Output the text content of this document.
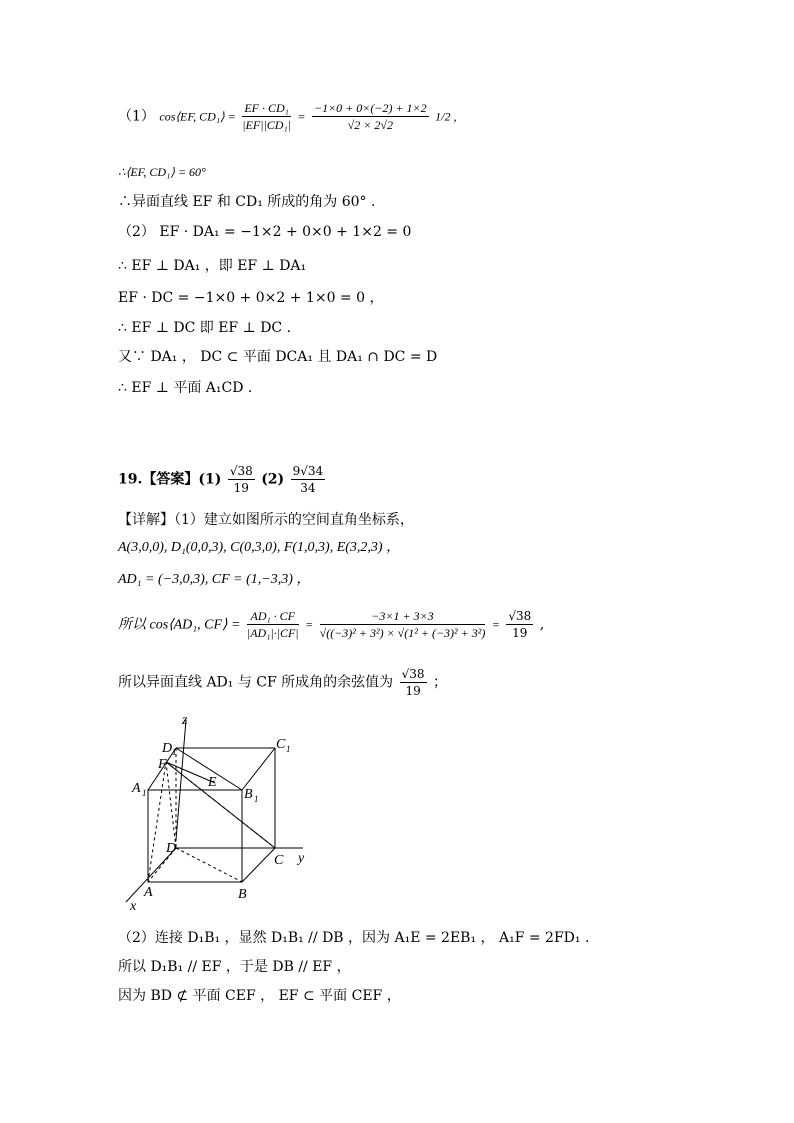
（1） cos⟨EF, CD₁⟩ = $\frac{\text{EF · CD₁}}{\text{|EF||CD₁|}} = \frac{-1\times 0 + 0\times(-2) + 1\times 2}{√2 \times 2√2} 1/2$ ,
∴⟨EF, CD₁⟩ = 60°
∴异面直线 EF 和 CD₁ 所成的角为 60° .
（2） EF · DA₁ = −1×2 + 0×0 + 1×2 = 0
∴ EF ⊥ DA₁ ，即 EF ⊥ DA₁
EF · DC = −1×0 + 0×2 + 1×0 = 0 ，
∴ EF ⊥ DC 即 EF ⊥ DC .
又∵ DA₁ ， DC ⊂ 平面 DCA₁ 且 DA₁ ∩ DC = D
∴ EF ⊥ 平面 A₁CD .
19.【答案】$(1) \frac{√38}{19} (2) \frac{9√34}{34}$
【详解】（1）建立如图所示的空间直角坐标系，
A(3,0,0), D₁(0,0,3), C(0,3,0), F(1,0,3), E(3,2,3) ，
AD₁ = (−3,0,3), CF = (1,−3,3) ，
所以 cos⟨AD₁, CF⟩ = $\frac{\text{AD₁ · CF}}{\text{|AD₁|·|CF|}} = \frac{-3\times 1 + 3\times 3}{\text{√((−3)² + 3²) × √(1² + (−3)² + 3²)}} = \frac{√38}{19}$ ,
所以异面直线 AD₁ 与 CF 所成角的余弦值为 $\frac{√38}{19}$ ；
z
D 1	C 1
F
E
A 1	B 1
D
C y
A	B
x
（2）连接 D₁B₁ ，显然 D₁B₁ // DB ，因为 A₁E = 2EB₁ ， A₁F = 2FD₁ .
所以 D₁B₁ // EF ，于是 DB // EF ，
因为 BD ⊄ 平面 CEF ， EF ⊂ 平面 CEF ，
